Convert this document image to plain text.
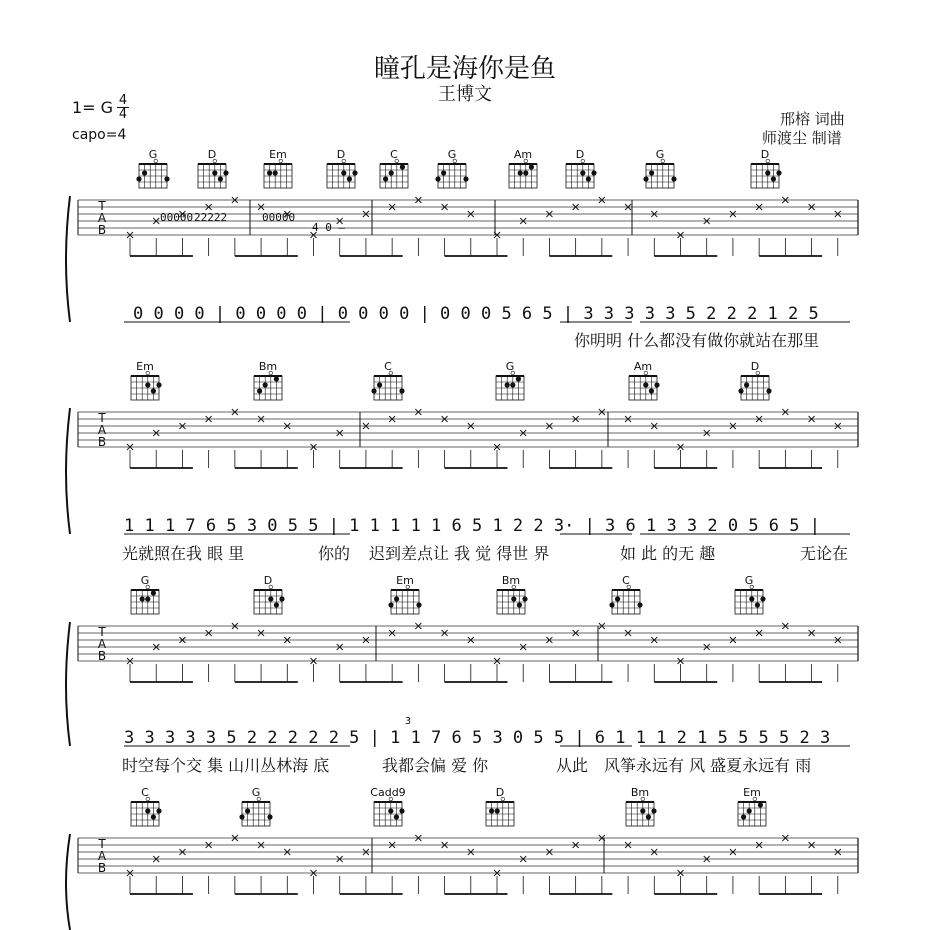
瞳孔是海你是鱼
王博文
1= G 4
4
capo=4
邢榕 词曲
师渡尘 制谱
T
A
B
G	D	Em	D	C	G	Am	D	G	D
T
A
B
Em	Bm	C	G	Am	D
T
A
B
G	D	Em	Bm	C	G
T
A
B
C	G	Cadd9	D	Bm	Em
0 0 0 0 | 0 0 0 0 | 0 0 0 0 | 0 0 0 5 6 5 | 3 3 3 3 3 5 2 2 2 1 2 5
你明明 什么都没有做你就站在那里
00000 22222	00000
4 0 –
1 1 1 7 6 5 3 0 5 5 | 1 1 1 1 1 6 5 1 2 2 3· | 3 6 1 3 3 2 0 5 6 5 |
光就照在我 眼 里	你的 迟到差点让 我 觉 得世 界	如 此 的无 趣	无论在
3 3 3 3 3 5 2 2 2 2 2 5 | 1 1 7 6 5 3 0 5 5 | 6 1 1 1 2 1 5 5 5 5 2 3
3
时空每个交 集 山川丛林海 底	我都会偏 爱 你	从此 风筝永远有 风 盛夏永远有 雨
